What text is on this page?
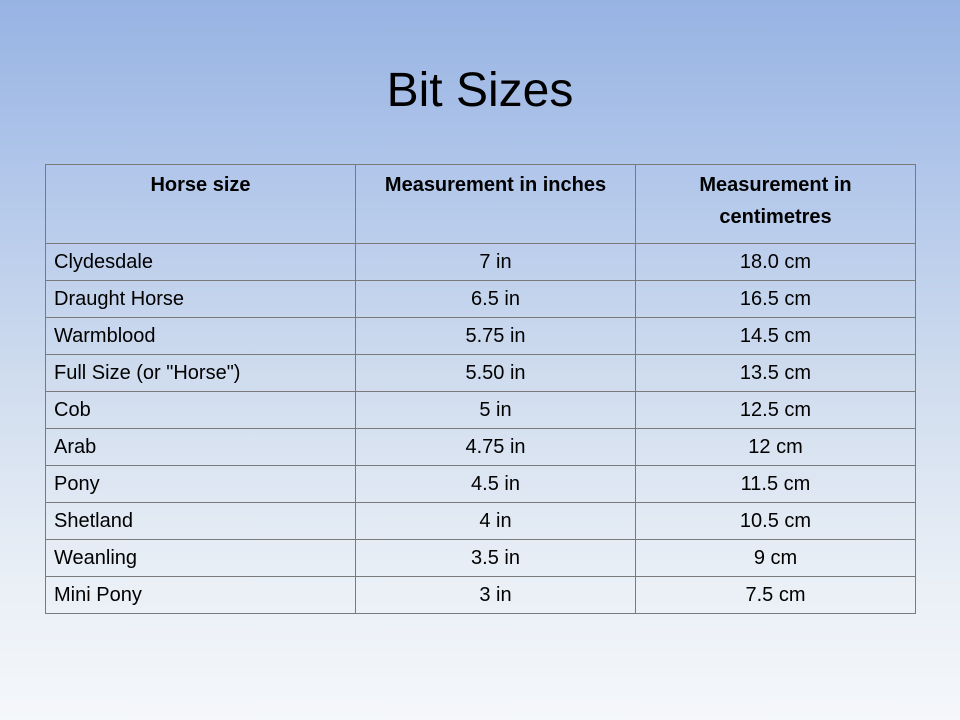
Bit Sizes
Horse size	Measurement in inches	Measurement in centimetres
Clydesdale	7 in	18.0 cm
Draught Horse	6.5 in	16.5 cm
Warmblood	5.75 in	14.5 cm
Full Size (or "Horse")	5.50 in	13.5 cm
Cob	5 in	12.5 cm
Arab	4.75 in	12 cm
Pony	4.5 in	11.5 cm
Shetland	4 in	10.5 cm
Weanling	3.5 in	9 cm
Mini Pony	3 in	7.5 cm
